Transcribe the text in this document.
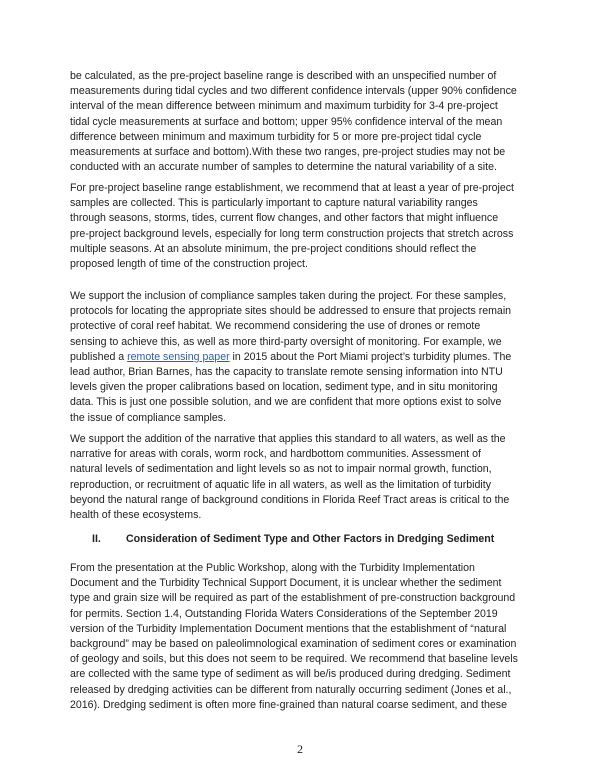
be calculated, as the pre-project baseline range is described with an unspecified number of
measurements during tidal cycles and two different confidence intervals (upper 90% confidence
interval of the mean difference between minimum and maximum turbidity for 3-4 pre-project
tidal cycle measurements at surface and bottom; upper 95% confidence interval of the mean
difference between minimum and maximum turbidity for 5 or more pre-project tidal cycle
measurements at surface and bottom).With these two ranges, pre-project studies may not be
conducted with an accurate number of samples to determine the natural variability of a site.
For pre-project baseline range establishment, we recommend that at least a year of pre-project
samples are collected. This is particularly important to capture natural variability ranges
through seasons, storms, tides, current flow changes, and other factors that might influence
pre-project background levels, especially for long term construction projects that stretch across
multiple seasons. At an absolute minimum, the pre-project conditions should reflect the
proposed length of time of the construction project.
We support the inclusion of compliance samples taken during the project. For these samples,
protocols for locating the appropriate sites should be addressed to ensure that projects remain
protective of coral reef habitat. We recommend considering the use of drones or remote
sensing to achieve this, as well as more third-party oversight of monitoring. For example, we
published a remote sensing paper in 2015 about the Port Miami project’s turbidity plumes. The
lead author, Brian Barnes, has the capacity to translate remote sensing information into NTU
levels given the proper calibrations based on location, sediment type, and in situ monitoring
data. This is just one possible solution, and we are confident that more options exist to solve
the issue of compliance samples.
We support the addition of the narrative that applies this standard to all waters, as well as the
narrative for areas with corals, worm rock, and hardbottom communities. Assessment of
natural levels of sedimentation and light levels so as not to impair normal growth, function,
reproduction, or recruitment of aquatic life in all waters, as well as the limitation of turbidity
beyond the natural range of background conditions in Florida Reef Tract areas is critical to the
health of these ecosystems.
II. Consideration of Sediment Type and Other Factors in Dredging Sediment
From the presentation at the Public Workshop, along with the Turbidity Implementation
Document and the Turbidity Technical Support Document, it is unclear whether the sediment
type and grain size will be required as part of the establishment of pre-construction background
for permits. Section 1.4, Outstanding Florida Waters Considerations of the September 2019
version of the Turbidity Implementation Document mentions that the establishment of “natural
background” may be based on paleolimnological examination of sediment cores or examination
of geology and soils, but this does not seem to be required. We recommend that baseline levels
are collected with the same type of sediment as will be/is produced during dredging. Sediment
released by dredging activities can be different from naturally occurring sediment (Jones et al.,
2016). Dredging sediment is often more fine-grained than natural coarse sediment, and these
2
